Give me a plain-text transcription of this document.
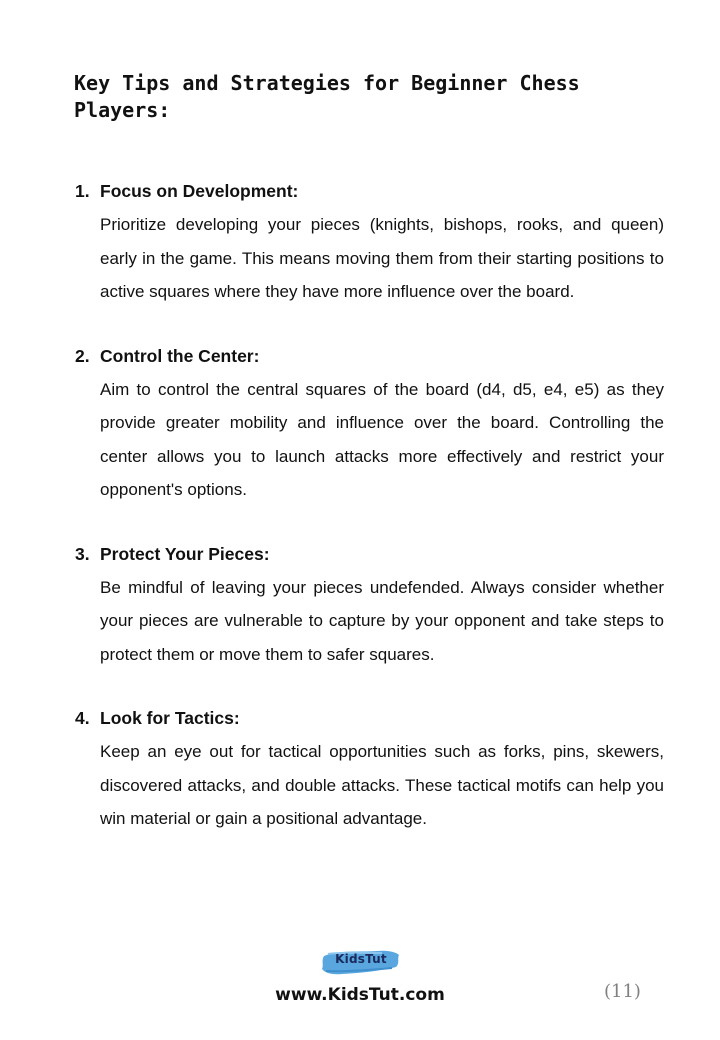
Key Tips and Strategies for Beginner Chess Players:
1. Focus on Development:

Prioritize developing your pieces (knights, bishops, rooks, and queen) early in the game. This means moving them from their starting positions to active squares where they have more influence over the board.

2. Control the Center:

Aim to control the central squares of the board (d4, d5, e4, e5) as they provide greater mobility and influence over the board. Controlling the center allows you to launch attacks more effectively and restrict your opponent's options.

3. Protect Your Pieces:

Be mindful of leaving your pieces undefended. Always consider whether your pieces are vulnerable to capture by your opponent and take steps to protect them or move them to safer squares.

4. Look for Tactics:

Keep an eye out for tactical opportunities such as forks, pins, skewers, discovered attacks, and double attacks. These tactical motifs can help you win material or gain a positional advantage.

KidsTut
www.KidsTut.com	(11)
